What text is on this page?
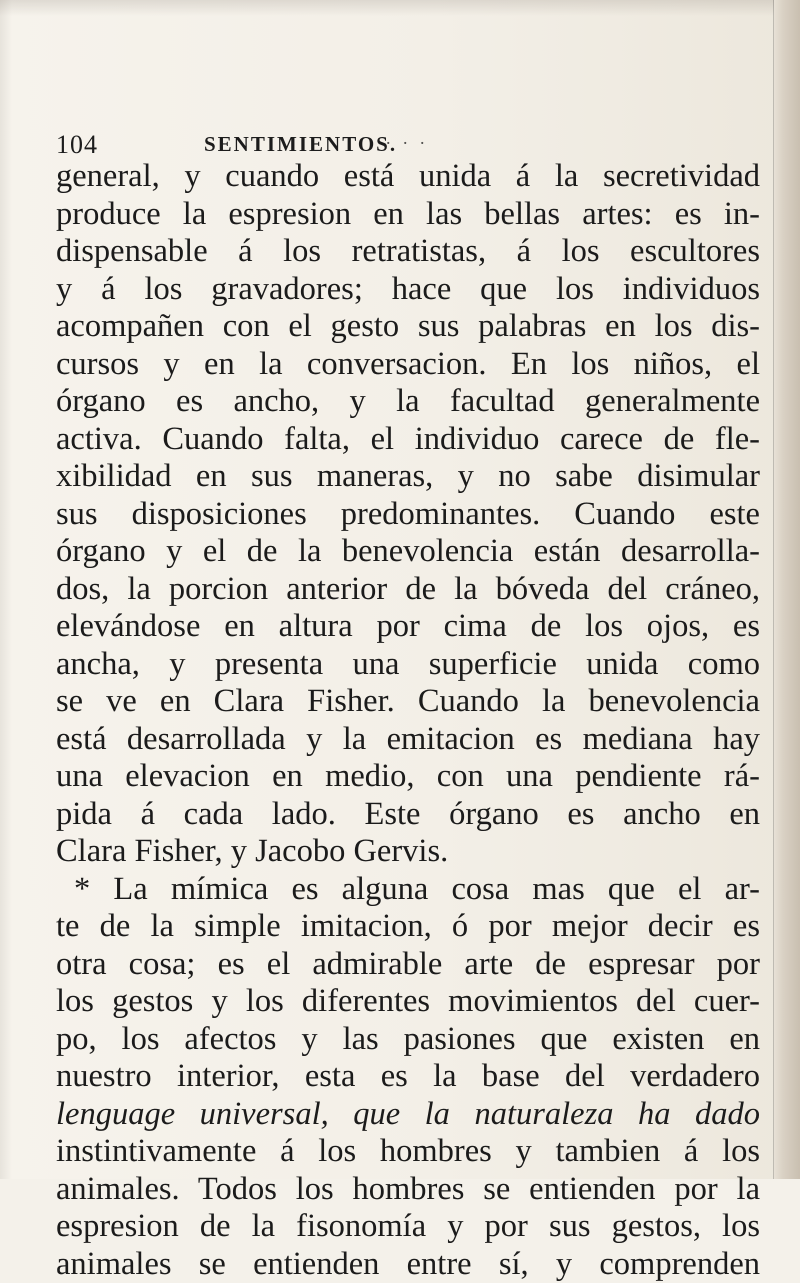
104	SENTIMIENTOS.
. . .
general, y cuando está unida á la secretividad
produce la espresion en las bellas artes: es in-
dispensable á los retratistas, á los escultores
y á los gravadores; hace que los individuos
acompañen con el gesto sus palabras en los dis-
cursos y en la conversacion. En los niños, el
órgano es ancho, y la facultad generalmente
activa. Cuando falta, el individuo carece de fle-
xibilidad en sus maneras, y no sabe disimular
sus disposiciones predominantes. Cuando este
órgano y el de la benevolencia están desarrolla-
dos, la porcion anterior de la bóveda del cráneo,
elevándose en altura por cima de los ojos, es
ancha, y presenta una superficie unida como
se ve en Clara Fisher. Cuando la benevolencia
está desarrollada y la emitacion es mediana hay
una elevacion en medio, con una pendiente rá-
pida á cada lado. Este órgano es ancho en
Clara Fisher, y Jacobo Gervis.
* La mímica es alguna cosa mas que el ar-
te de la simple imitacion, ó por mejor decir es
otra cosa; es el admirable arte de espresar por
los gestos y los diferentes movimientos del cuer-
po, los afectos y las pasiones que existen en
nuestro interior, esta es la base del verdadero
lenguage universal, que la naturaleza ha dado
instintivamente á los hombres y tambien á los
animales. Todos los hombres se entienden por la
espresion de la fisonomía y por sus gestos, los
animales se entienden entre sí, y comprenden
